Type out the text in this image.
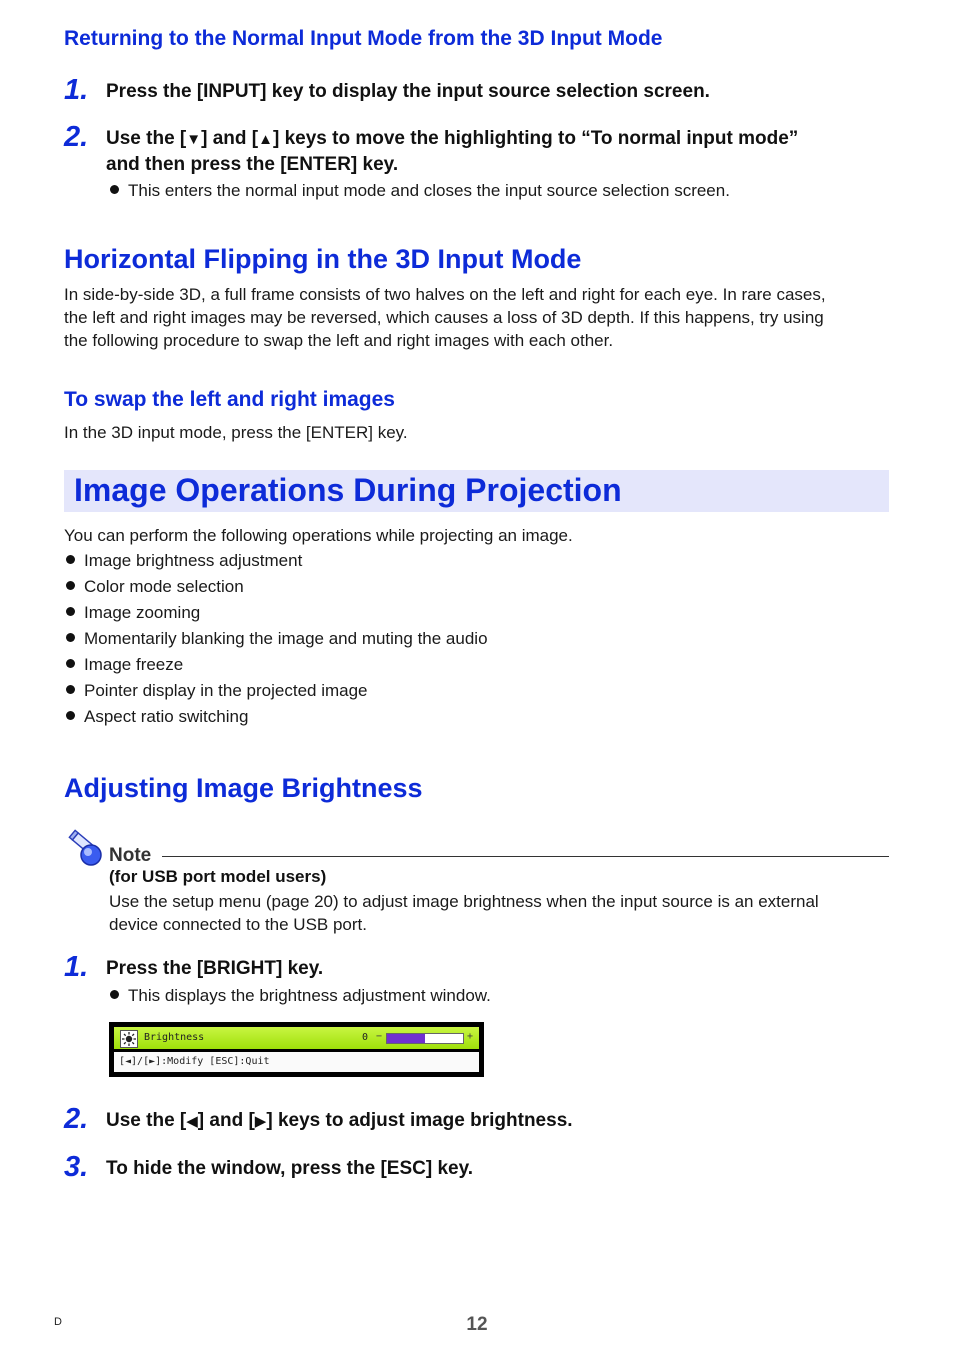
Returning to the Normal Input Mode from the 3D Input Mode
1. Press the [INPUT] key to display the input source selection screen.
2. Use the [▼] and [▲] keys to move the highlighting to “To normal input mode”
and then press the [ENTER] key.
This enters the normal input mode and closes the input source selection screen.
Horizontal Flipping in the 3D Input Mode
In side-by-side 3D, a full frame consists of two halves on the left and right for each eye. In rare cases,
the left and right images may be reversed, which causes a loss of 3D depth. If this happens, try using
the following procedure to swap the left and right images with each other.
To swap the left and right images
In the 3D input mode, press the [ENTER] key.
Image Operations During Projection
You can perform the following operations while projecting an image.
Image brightness adjustment
Color mode selection
Image zooming
Momentarily blanking the image and muting the audio
Image freeze
Pointer display in the projected image
Aspect ratio switching
Adjusting Image Brightness
Note
(for USB port model users)
Use the setup menu (page 20) to adjust image brightness when the input source is an external
device connected to the USB port.
1. Press the [BRIGHT] key.
This displays the brightness adjustment window.
Brightness	0 −	+
[◄]/[►]:Modify [ESC]:Quit
2. Use the [◀] and [▶] keys to adjust image brightness.
3. To hide the window, press the [ESC] key.
D	12
